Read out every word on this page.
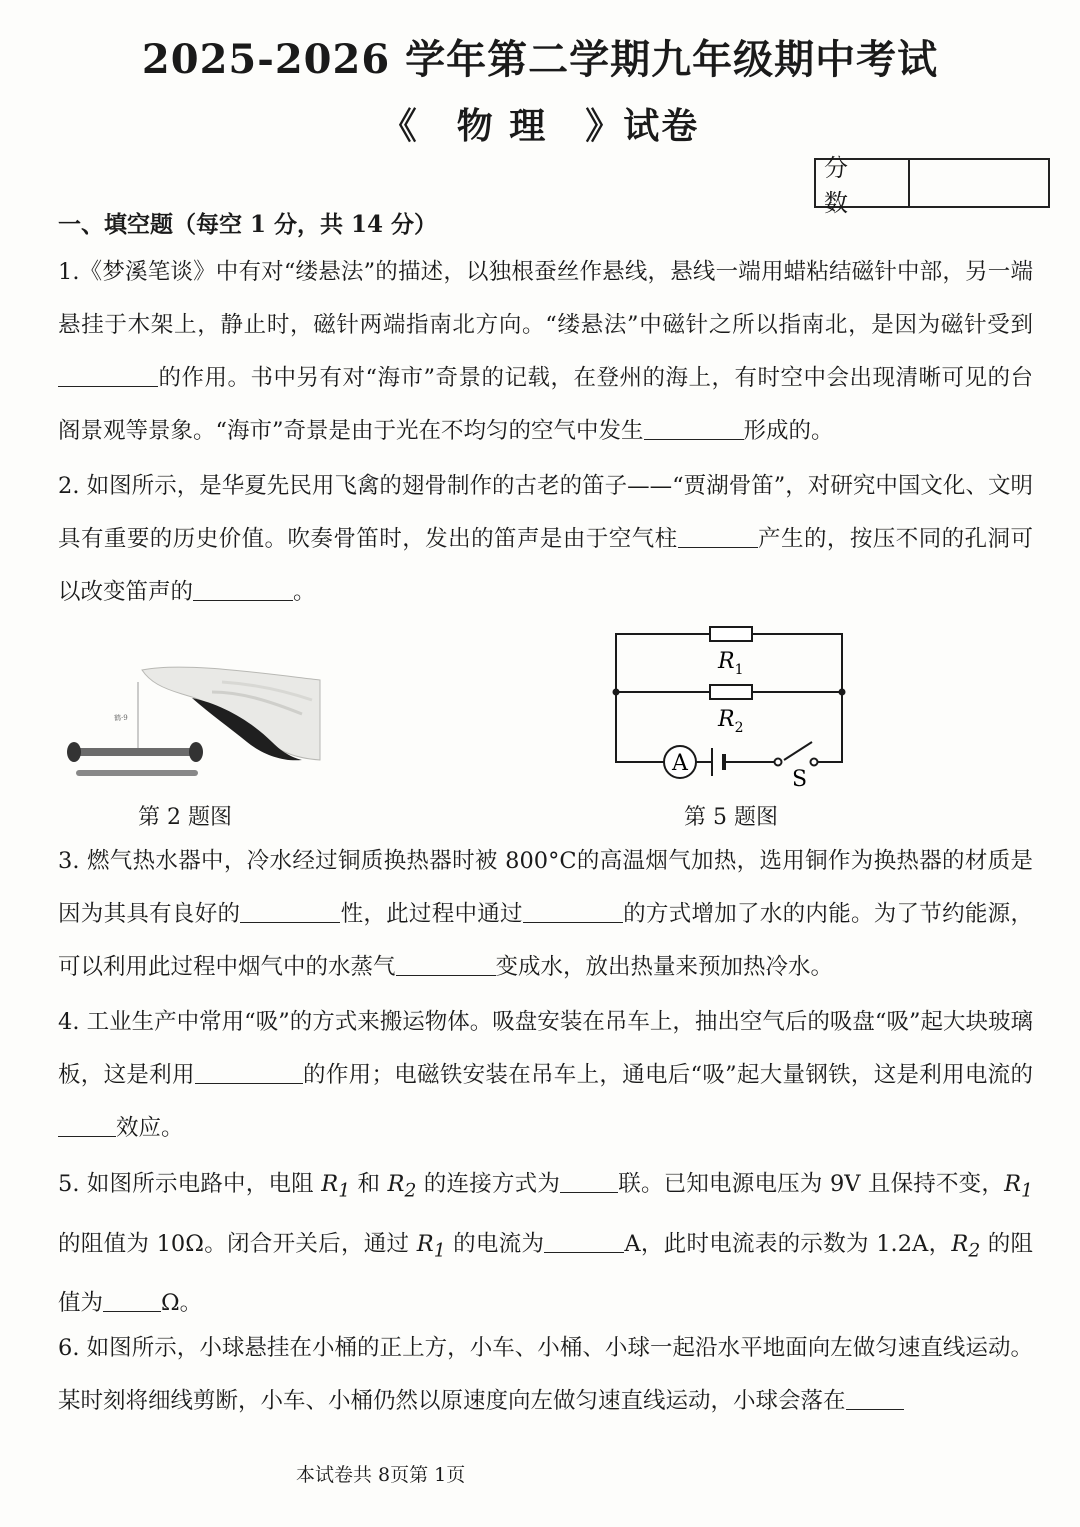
2025-2026 学年第二学期九年级期中考试
《　物 理　》试卷
分 数
一、填空题（每空 1 分，共 14 分）
1.《梦溪笔谈》中有对“缕悬法”的描述，以独根蚕丝作悬线，悬线一端用蜡粘结磁针中部，另一端悬挂于木架上，静止时，磁针两端指南北方向。“缕悬法”中磁针之所以指南北，是因为磁针受到的作用。书中另有对“海市”奇景的记载，在登州的海上，有时空中会出现清晰可见的台阁景观等景象。“海市”奇景是由于光在不均匀的空气中发生	形成的。
2. 如图所示，是华夏先民用飞禽的翅骨制作的古老的笛子——“贾湖骨笛”，对研究中国文化、文明具有重要的历史价值。吹奏骨笛时，发出的笛声是由于空气柱	产生的，按压不同的孔洞可以改变笛声的	。
鹤·9
第 2 题图
A
$R_1$
$R_2$
S
第 5 题图
3. 燃气热水器中，冷水经过铜质换热器时被 800°C的高温烟气加热，选用铜作为换热器的材质是因为其具有良好的	性，此过程中通过	的方式增加了水的内能。为了节约能源，可以利用此过程中烟气中的水蒸气	变成水，放出热量来预加热冷水。
4. 工业生产中常用“吸”的方式来搬运物体。吸盘安装在吊车上，抽出空气后的吸盘“吸”起大块玻璃板，这是利用	的作用；电磁铁安装在吊车上，通电后“吸”起大量钢铁，这是利用电流的效应。
5. 如图所示电路中，电阻 $R_1$ 和 $R_2$ 的连接方式为	联。已知电源电压为 9V 且保持不变，$R_1$ 的阻值为 10Ω。闭合开关后，通过 $R_1$ 的电流为	A，此时电流表的示数为 1.2A，$R_2$ 的阻值为	Ω。
6. 如图所示，小球悬挂在小桶的正上方，小车、小桶、小球一起沿水平地面向左做匀速直线运动。某时刻将细线剪断，小车、小桶仍然以原速度向左做匀速直线运动，小球会落在
本试卷共 8页第 1页
